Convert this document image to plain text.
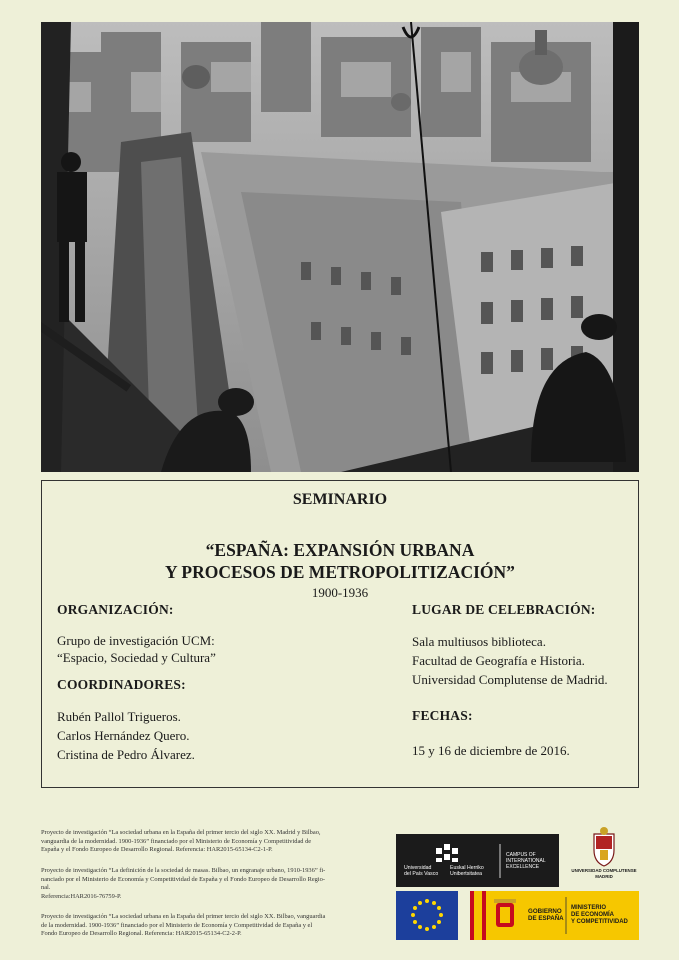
SEMINARIO
“ESPAÑA: EXPANSIÓN URBANA
Y PROCESOS DE METROPOLITIZACIÓN”
1900-1936
ORGANIZACIÓN:
Grupo de investigación UCM:
“Espacio, Sociedad y Cultura”
COORDINADORES:
Rubén Pallol Trigueros.
Carlos Hernández Quero.
Cristina de Pedro Álvarez.
LUGAR DE CELEBRACIÓN:
Sala multiusos biblioteca.
Facultad de Geografía e Historia.
Universidad Complutense de Madrid.
FECHAS:
15 y 16 de diciembre de 2016.
Proyecto de investigación “La sociedad urbana en la España del primer tercio del siglo XX. Madrid y Bilbao,
vanguardia de la modernidad. 1900-1936” financiado por el Ministerio de Economía y Competitividad de
España y el Fondo Europeo de Desarrollo Regional. Referencia: HAR2015-65134-C2-1-P.
Proyecto de investigación “La definición de la sociedad de masas. Bilbao, un engranaje urbano, 1910-1936” fi-
nanciado por el Ministerio de Economía y Competitividad de España y el Fondo Europeo de Desarrollo Regio-
nal.
Referencia:HAR2016-76759-P.
Proyecto de investigación “La sociedad urbana en la España del primer tercio del siglo XX. Bilbao, vanguardia
de la modernidad. 1900-1936” financiado por el Ministerio de Economía y Competitividad de España y el
Fondo Europeo de Desarrollo Regional. Referencia: HAR2015-65134-C2-2-P.
Universidad
del País Vasco
Euskal Herriko
Unibertsitatea
CAMPUS OF
INTERNATIONAL
EXCELLENCE
UNIVERSIDAD COMPLUTENSE
MADRID
GOBIERNO
DE ESPAÑA
MINISTERIO
DE ECONOMÍA
Y COMPETITIVIDAD
